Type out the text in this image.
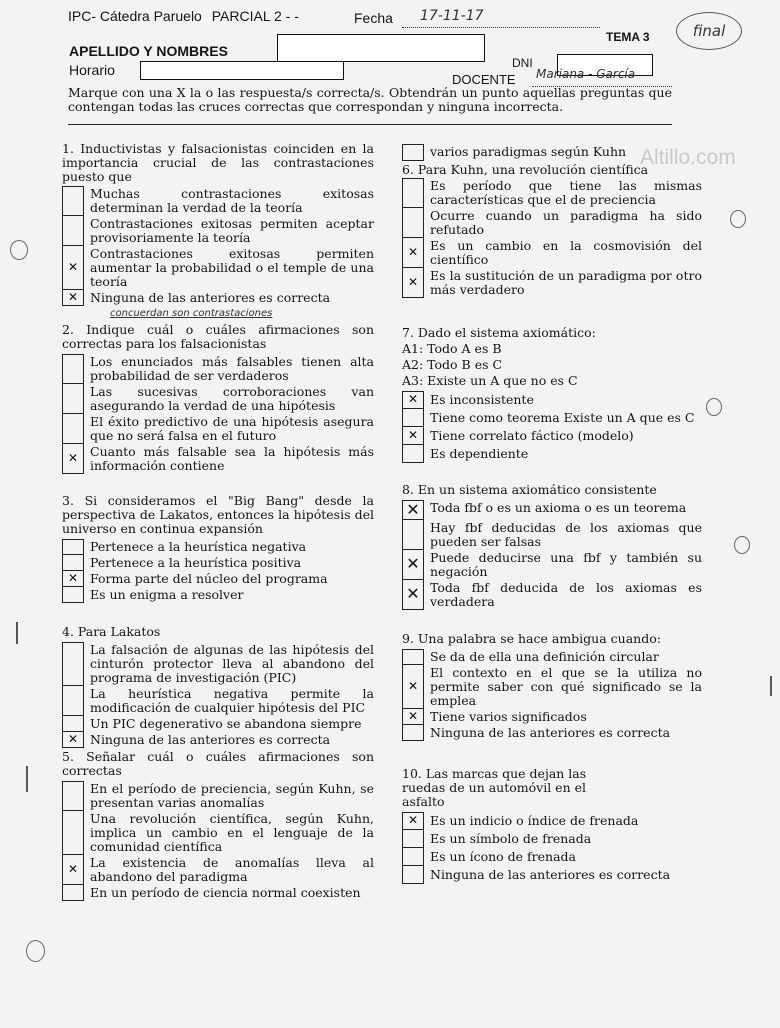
IPC- Cátedra Paruelo PARCIAL 2 - -	Fecha 17-11-17
TEMA 3	final
APELLIDO Y NOMBRES
DNI
Horario
DOCENTE Mariana - García
Marque con una X la o las respuesta/s correcta/s. Obtendrán un punto aquellas preguntas que contengan todas las cruces correctas que correspondan y ninguna incorrecta.
Altillo.com
1. Inductivistas y falsacionistas coinciden en la importancia crucial de las contrastaciones puesto que
Muchas contrastaciones exitosas determinan la verdad de la teoría
Contrastaciones exitosas permiten aceptar provisoriamente la teoría
✕
Contrastaciones exitosas permiten aumentar la probabilidad o el temple de una teoría
✕ Ninguna de las anteriores es correcta
concuerdan son contrastaciones
2. Indique cuál o cuáles afirmaciones son correctas para los falsacionistas
Los enunciados más falsables tienen alta probabilidad de ser verdaderos
Las sucesivas corroboraciones van asegurando la verdad de una hipótesis
El éxito predictivo de una hipótesis asegura que no será falsa en el futuro
✕ Cuanto más falsable sea la hipótesis más información contiene
3. Si consideramos el "Big Bang" desde la perspectiva de Lakatos, entonces la hipótesis del universo en continua expansión
Pertenece a la heurística negativa
Pertenece a la heurística positiva
✕ Forma parte del núcleo del programa
Es un enigma a resolver
4. Para Lakatos
La falsación de algunas de las hipótesis del cinturón protector lleva al abandono del programa de investigación (PIC)
La heurística negativa permite la modificación de cualquier hipótesis del PIC
Un PIC degenerativo se abandona siempre
✕ Ninguna de las anteriores es correcta
5. Señalar cuál o cuáles afirmaciones son correctas
En el período de preciencia, según Kuhn, se presentan varias anomalías
Una revolución científica, según Kuhn, implica un cambio en el lenguaje de la comunidad científica
✕ La existencia de anomalías lleva al abandono del paradigma
En un período de ciencia normal coexisten
varios paradigmas según Kuhn
6. Para Kuhn, una revolución científica
Es período que tiene las mismas características que el de preciencia
Ocurre cuando un paradigma ha sido refutado
✕ Es un cambio en la cosmovisión del científico
✕ Es la sustitución de un paradigma por otro más verdadero
7. Dado el sistema axiomático:
A1: Todo A es B
A2: Todo B es C
A3: Existe un A que no es C
✕ Es inconsistente
Tiene como teorema Existe un A que es C
✕ Tiene correlato fáctico (modelo)
Es dependiente
8. En un sistema axiomático consistente
✕ Toda fbf o es un axioma o es un teorema
Hay fbf deducidas de los axiomas que pueden ser falsas
✕ Puede deducirse una fbf y también su negación
✕ Toda fbf deducida de los axiomas es verdadera
9. Una palabra se hace ambigua cuando:
Se da de ella una definición circular
✕
El contexto en el que se la utiliza no permite saber con qué significado se la emplea
✕ Tiene varios significados
Ninguna de las anteriores es correcta
10. Las marcas que dejan las ruedas de un automóvil en el asfalto
✕ Es un indicio o índice de frenada
Es un símbolo de frenada
Es un ícono de frenada
Ninguna de las anteriores es correcta
